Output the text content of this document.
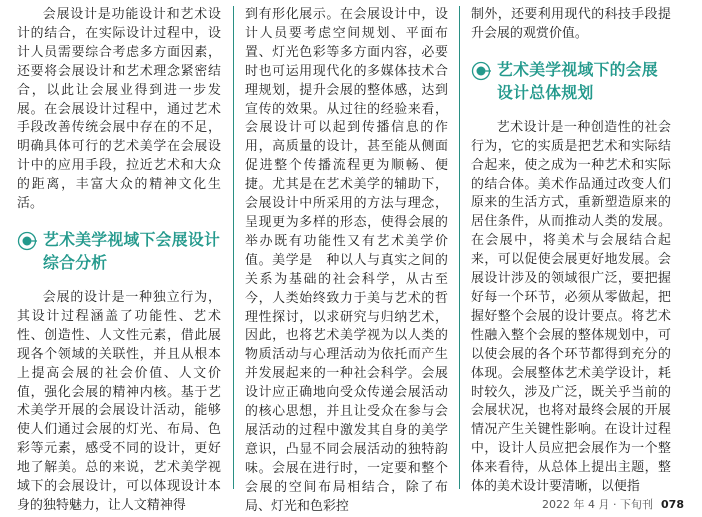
会展设计是功能设计和艺术设计的结合，在实际设计过程中，设计人员需要综合考虑多方面因素，还要将会展设计和艺术理念紧密结合，以此让会展业得到进一步发展。在会展设计过程中，通过艺术手段改善传统会展中存在的不足，明确具体可行的艺术美学在会展设计中的应用手段，拉近艺术和大众的距离，丰富大众的精神文化生活。

艺术美学视域下会展设计综合分析

会展的设计是一种独立行为，其设计过程涵盖了功能性、艺术性、创造性、人文性元素，借此展现各个领域的关联性，并且从根本上提高会展的社会价值、人文价值，强化会展的精神内核。基于艺术美学开展的会展设计活动，能够使人们通过会展的灯光、布局、色彩等元素，感受不同的设计，更好地了解美。总的来说，艺术美学视域下的会展设计，可以体现设计本身的独特魅力，让人文精神得

到有形化展示。在会展设计中，设计人员要考虑空间规划、平面布置、灯光色彩等多方面内容，必要时也可运用现代化的多媒体技术合理规划，提升会展的整体感，达到宣传的效果。从过往的经验来看，会展设计可以起到传播信息的作用，高质量的设计，甚至能从侧面促进整个传播流程更为顺畅、便捷。尤其是在艺术美学的辅助下，会展设计中所采用的方法与理念，呈现更为多样的形态，使得会展的举办既有功能性又有艺术美学价值。美学是　种以人与真实之间的关系为基础的社会科学，从古至今，人类始终致力于美与艺术的哲理性探讨，以求研究与归纳艺术，因此，也将艺术美学视为以人类的物质活动与心理活动为依托而产生并发展起来的一种社会科学。会展设计应正确地向受众传递会展活动的核心思想，并且让受众在参与会展活动的过程中激发其自身的美学意识，凸显不同会展活动的独特韵味。会展在进行时，一定要和整个会展的空间布局相结合，除了布局、灯光和色彩控

制外，还要利用现代的科技手段提升会展的观赏价值。

艺术美学视域下的会展设计总体规划

艺术设计是一种创造性的社会行为，它的实质是把艺术和实际结合起来，使之成为一种艺术和实际的结合体。美术作品通过改变人们原来的生活方式，重新塑造原来的居住条件，从而推动人类的发展。在会展中，将美术与会展结合起来，可以促使会展更好地发展。会展设计涉及的领域很广泛，要把握好每一个环节，必须从零做起，把握好整个会展的设计要点。将艺术性融入整个会展的整体规划中，可以使会展的各个环节都得到充分的体现。会展整体艺术美学设计，耗时较久，涉及广泛，既关乎当前的会展状况，也将对最终会展的开展情况产生关键性影响。在设计过程中，设计人员应把会展作为一个整体来看待，从总体上提出主题，整体的美术设计要清晰，以便指

2022 年 4 月 · 下旬刊 078
